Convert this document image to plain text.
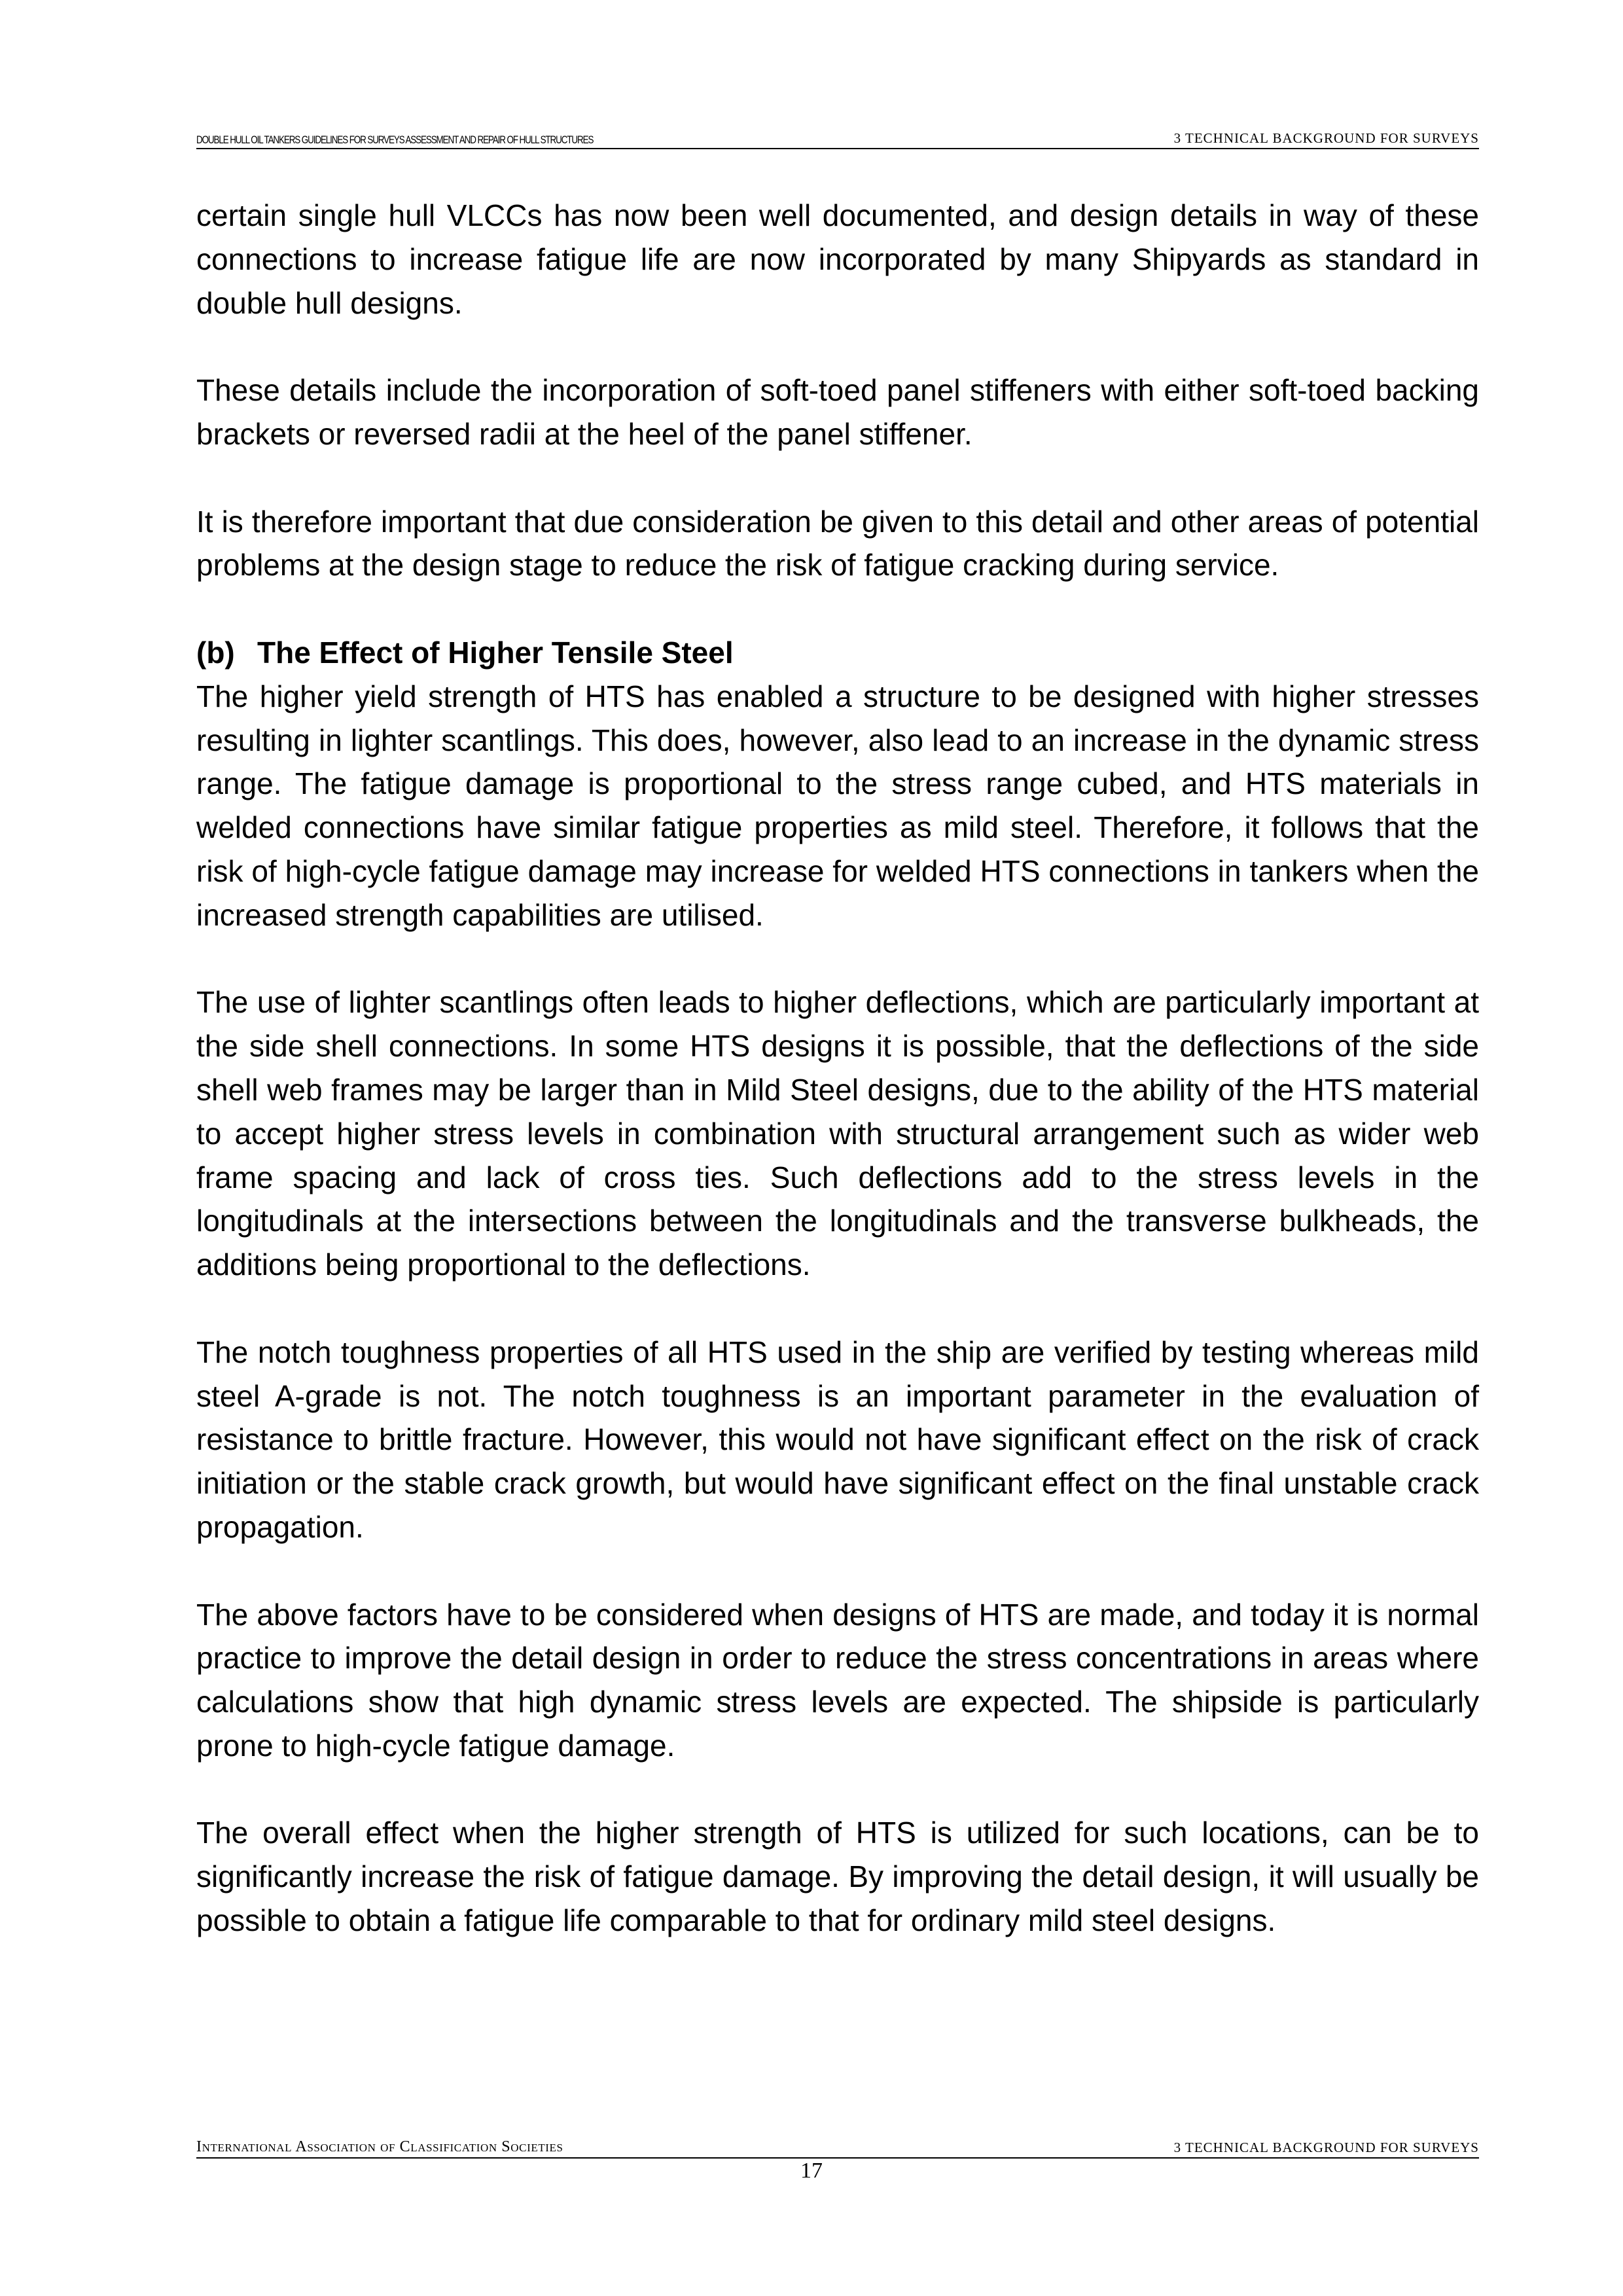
DOUBLE HULL OIL TANKERS GUIDELINES FOR SURVEYS ASSESSMENT AND REPAIR OF HULL STRUCTURES	3 TECHNICAL BACKGROUND FOR SURVEYS

certain single hull VLCCs has now been well documented, and design details in way of these connections to increase fatigue life are now incorporated by many Shipyards as standard in double hull designs.

These details include the incorporation of soft-toed panel stiffeners with either soft-toed backing brackets or reversed radii at the heel of the panel stiffener.

It is therefore important that due consideration be given to this detail and other areas of potential problems at the design stage to reduce the risk of fatigue cracking during service.

(b) The Effect of Higher Tensile Steel

The higher yield strength of HTS has enabled a structure to be designed with higher stresses resulting in lighter scantlings. This does, however, also lead to an increase in the dynamic stress range. The fatigue damage is proportional to the stress range cubed, and HTS materials in welded connections have similar fatigue properties as mild steel. Therefore, it follows that the risk of high-cycle fatigue damage may increase for welded HTS connections in tankers when the increased strength capabilities are utilised.

The use of lighter scantlings often leads to higher deflections, which are particularly important at the side shell connections. In some HTS designs it is possible, that the deflections of the side shell web frames may be larger than in Mild Steel designs, due to the ability of the HTS material to accept higher stress levels in combination with structural arrangement such as wider web frame spacing and lack of cross ties. Such deflections add to the stress levels in the longitudinals at the intersections between the longitudinals and the transverse bulkheads, the additions being proportional to the deflections.

The notch toughness properties of all HTS used in the ship are verified by testing whereas mild steel A-grade is not. The notch toughness is an important parameter in the evaluation of resistance to brittle fracture. However, this would not have significant effect on the risk of crack initiation or the stable crack growth, but would have significant effect on the final unstable crack propagation.

The above factors have to be considered when designs of HTS are made, and today it is normal practice to improve the detail design in order to reduce the stress concentrations in areas where calculations show that high dynamic stress levels are expected. The shipside is particularly prone to high-cycle fatigue damage.

The overall effect when the higher strength of HTS is utilized for such locations, can be to significantly increase the risk of fatigue damage. By improving the detail design, it will usually be possible to obtain a fatigue life comparable to that for ordinary mild steel designs.

International Association of Classification Societies	3 TECHNICAL BACKGROUND FOR SURVEYS
17
